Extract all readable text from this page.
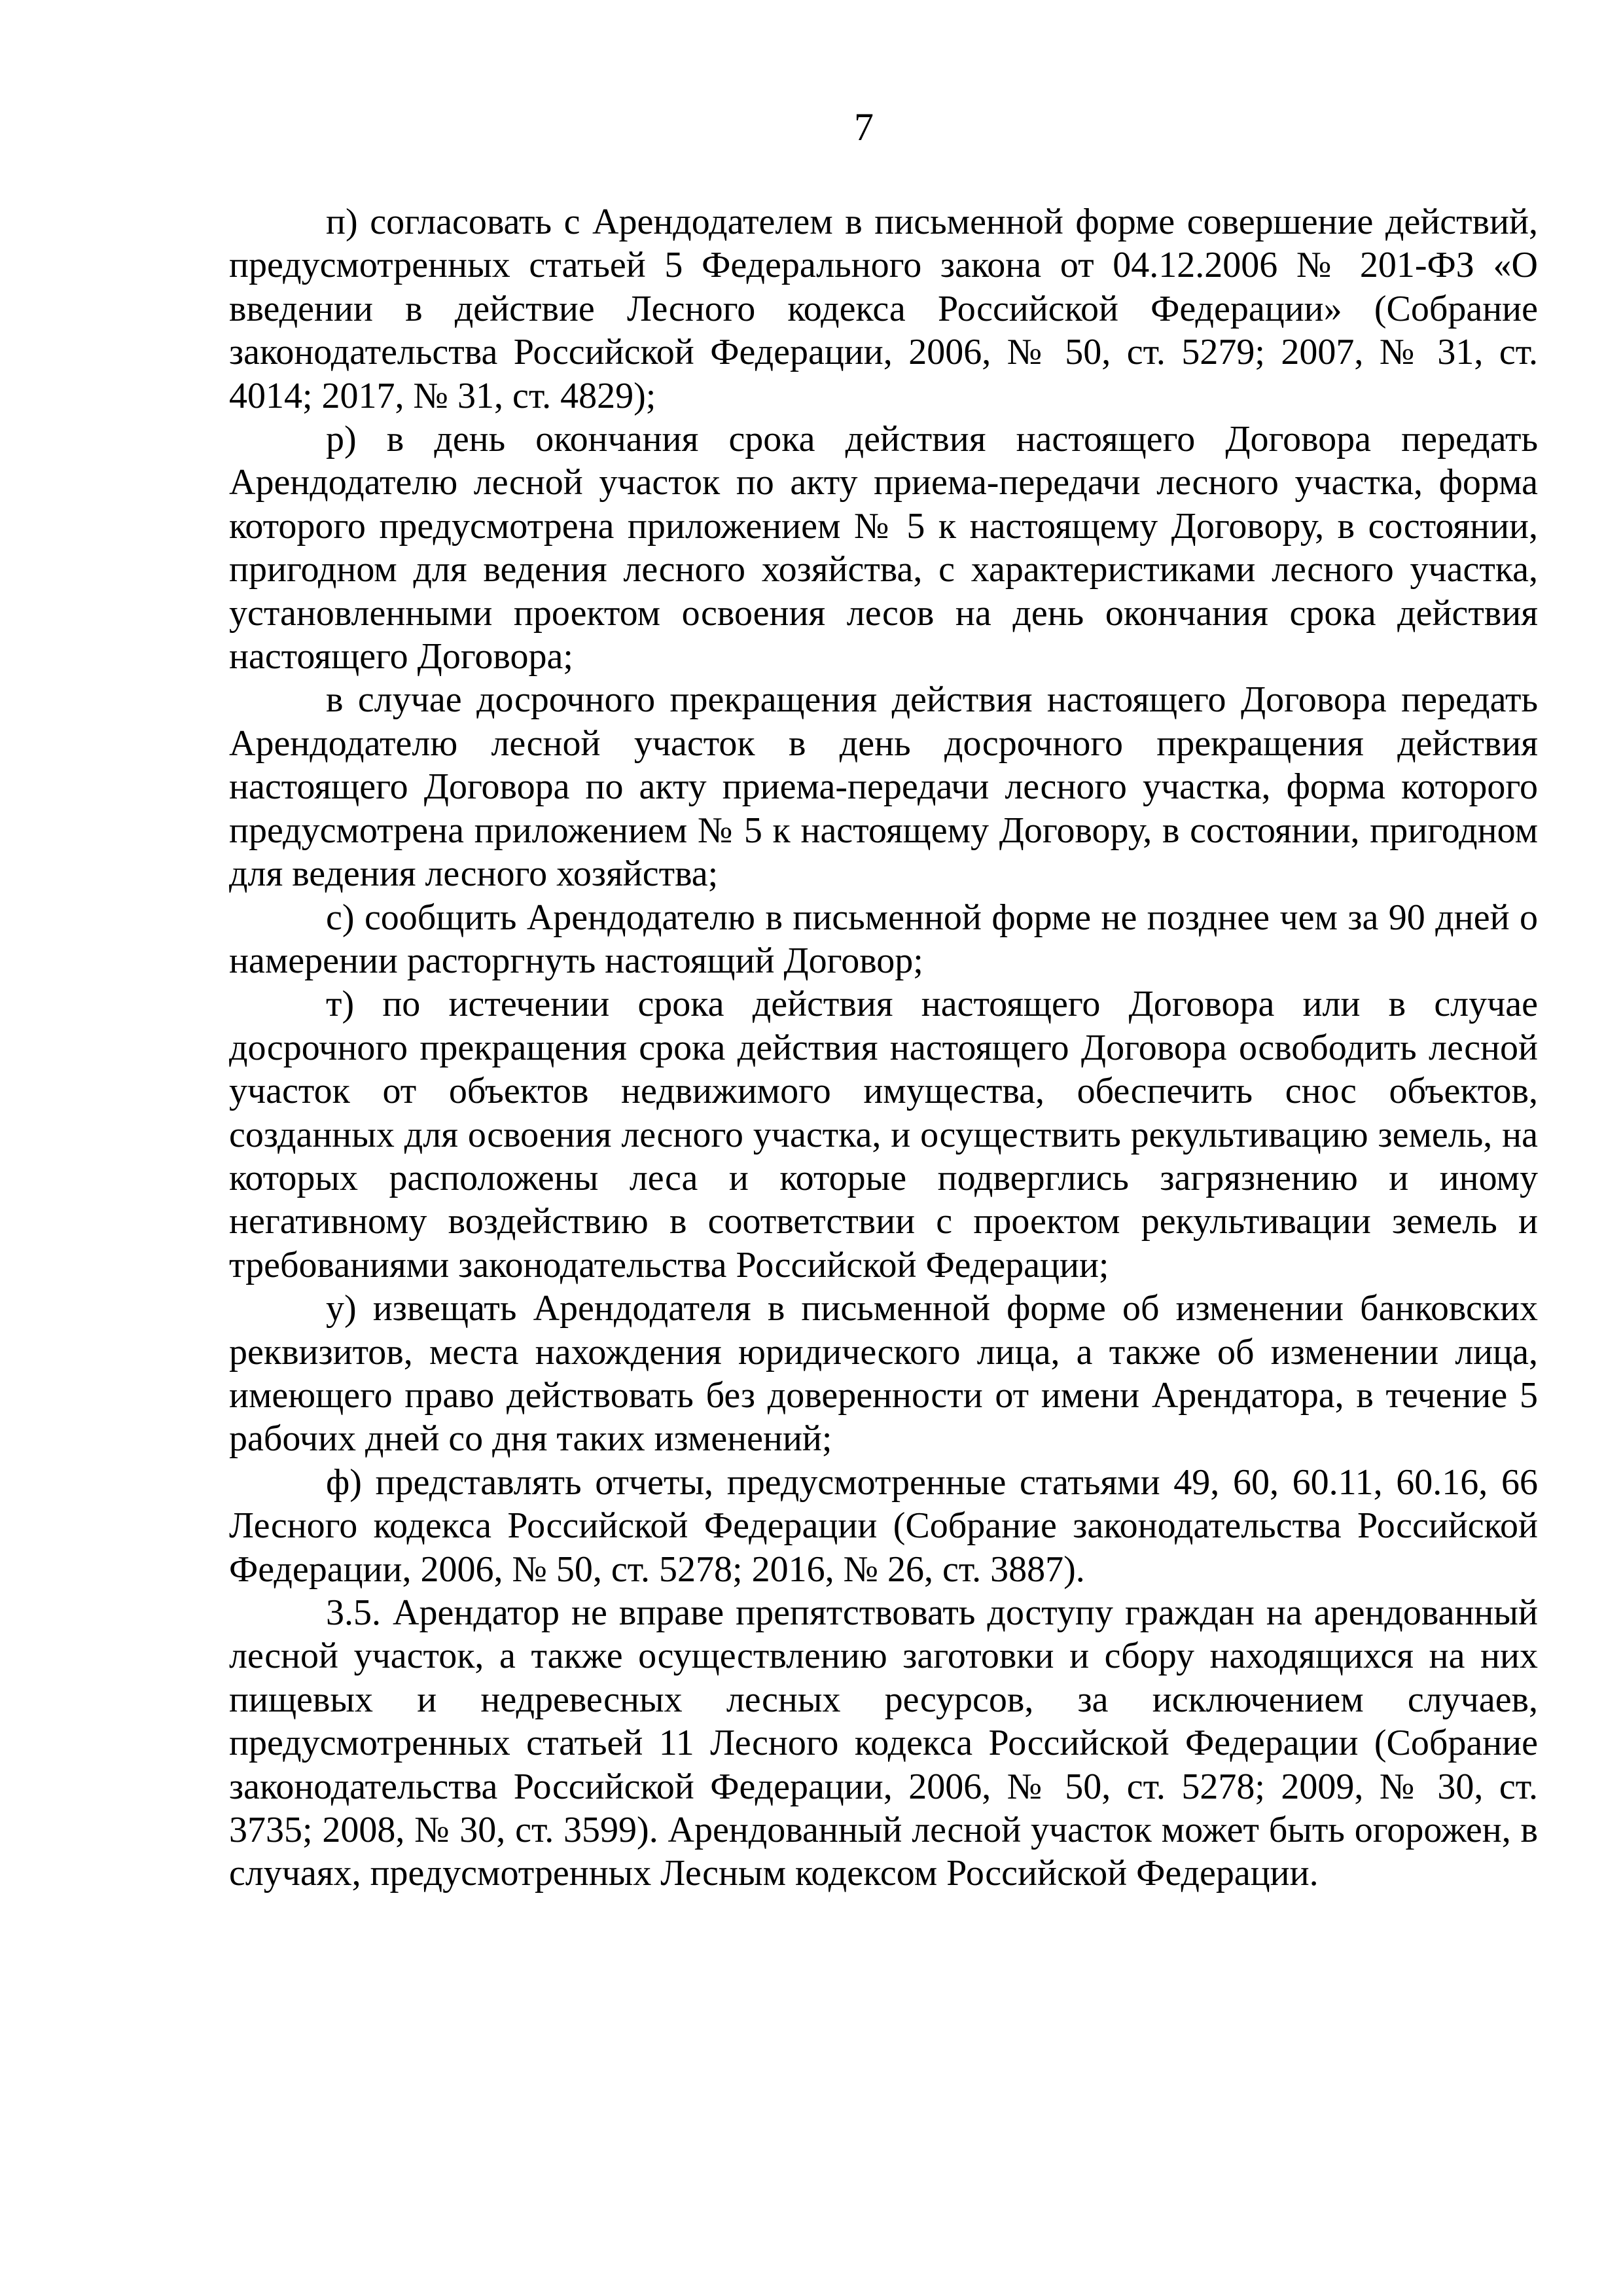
7

п) согласовать с Арендодателем в письменной форме совершение действий, предусмотренных статьей 5 Федерального закона от 04.12.2006 № 201-ФЗ «О введении в действие Лесного кодекса Российской Федерации» (Собрание законодательства Российской Федерации, 2006, № 50, ст. 5279; 2007, № 31, ст. 4014; 2017, № 31, ст. 4829);

р) в день окончания срока действия настоящего Договора передать Арендодателю лесной участок по акту приема-передачи лесного участка, форма которого предусмотрена приложением № 5 к настоящему Договору, в состоянии, пригодном для ведения лесного хозяйства, с характеристиками лесного участка, установленными проектом освоения лесов на день окончания срока действия настоящего Договора;

в случае досрочного прекращения действия настоящего Договора передать Арендодателю лесной участок в день досрочного прекращения действия настоящего Договора по акту приема-передачи лесного участка, форма которого предусмотрена приложением № 5 к настоящему Договору, в состоянии, пригодном для ведения лесного хозяйства;

с) сообщить Арендодателю в письменной форме не позднее чем за 90 дней о намерении расторгнуть настоящий Договор;

т) по истечении срока действия настоящего Договора или в случае досрочного прекращения срока действия настоящего Договора освободить лесной участок от объектов недвижимого имущества, обеспечить снос объектов, созданных для освоения лесного участка, и осуществить рекультивацию земель, на которых расположены леса и которые подверглись загрязнению и иному негативному воздействию в соответствии с проектом рекультивации земель и требованиями законодательства Российской Федерации;

у) извещать Арендодателя в письменной форме об изменении банковских реквизитов, места нахождения юридического лица, а также об изменении лица, имеющего право действовать без доверенности от имени Арендатора, в течение 5 рабочих дней со дня таких изменений;

ф) представлять отчеты, предусмотренные статьями 49, 60, 60.11, 60.16, 66 Лесного кодекса Российской Федерации (Собрание законодательства Российской Федерации, 2006, № 50, ст. 5278; 2016, № 26, ст. 3887).

3.5. Арендатор не вправе препятствовать доступу граждан на арендованный лесной участок, а также осуществлению заготовки и сбору находящихся на них пищевых и недревесных лесных ресурсов, за исключением случаев, предусмотренных статьей 11 Лесного кодекса Российской Федерации (Собрание законодательства Российской Федерации, 2006, № 50, ст. 5278; 2009, № 30, ст. 3735; 2008, № 30, ст. 3599). Арендованный лесной участок может быть огорожен, в случаях, предусмотренных Лесным кодексом Российской Федерации.
